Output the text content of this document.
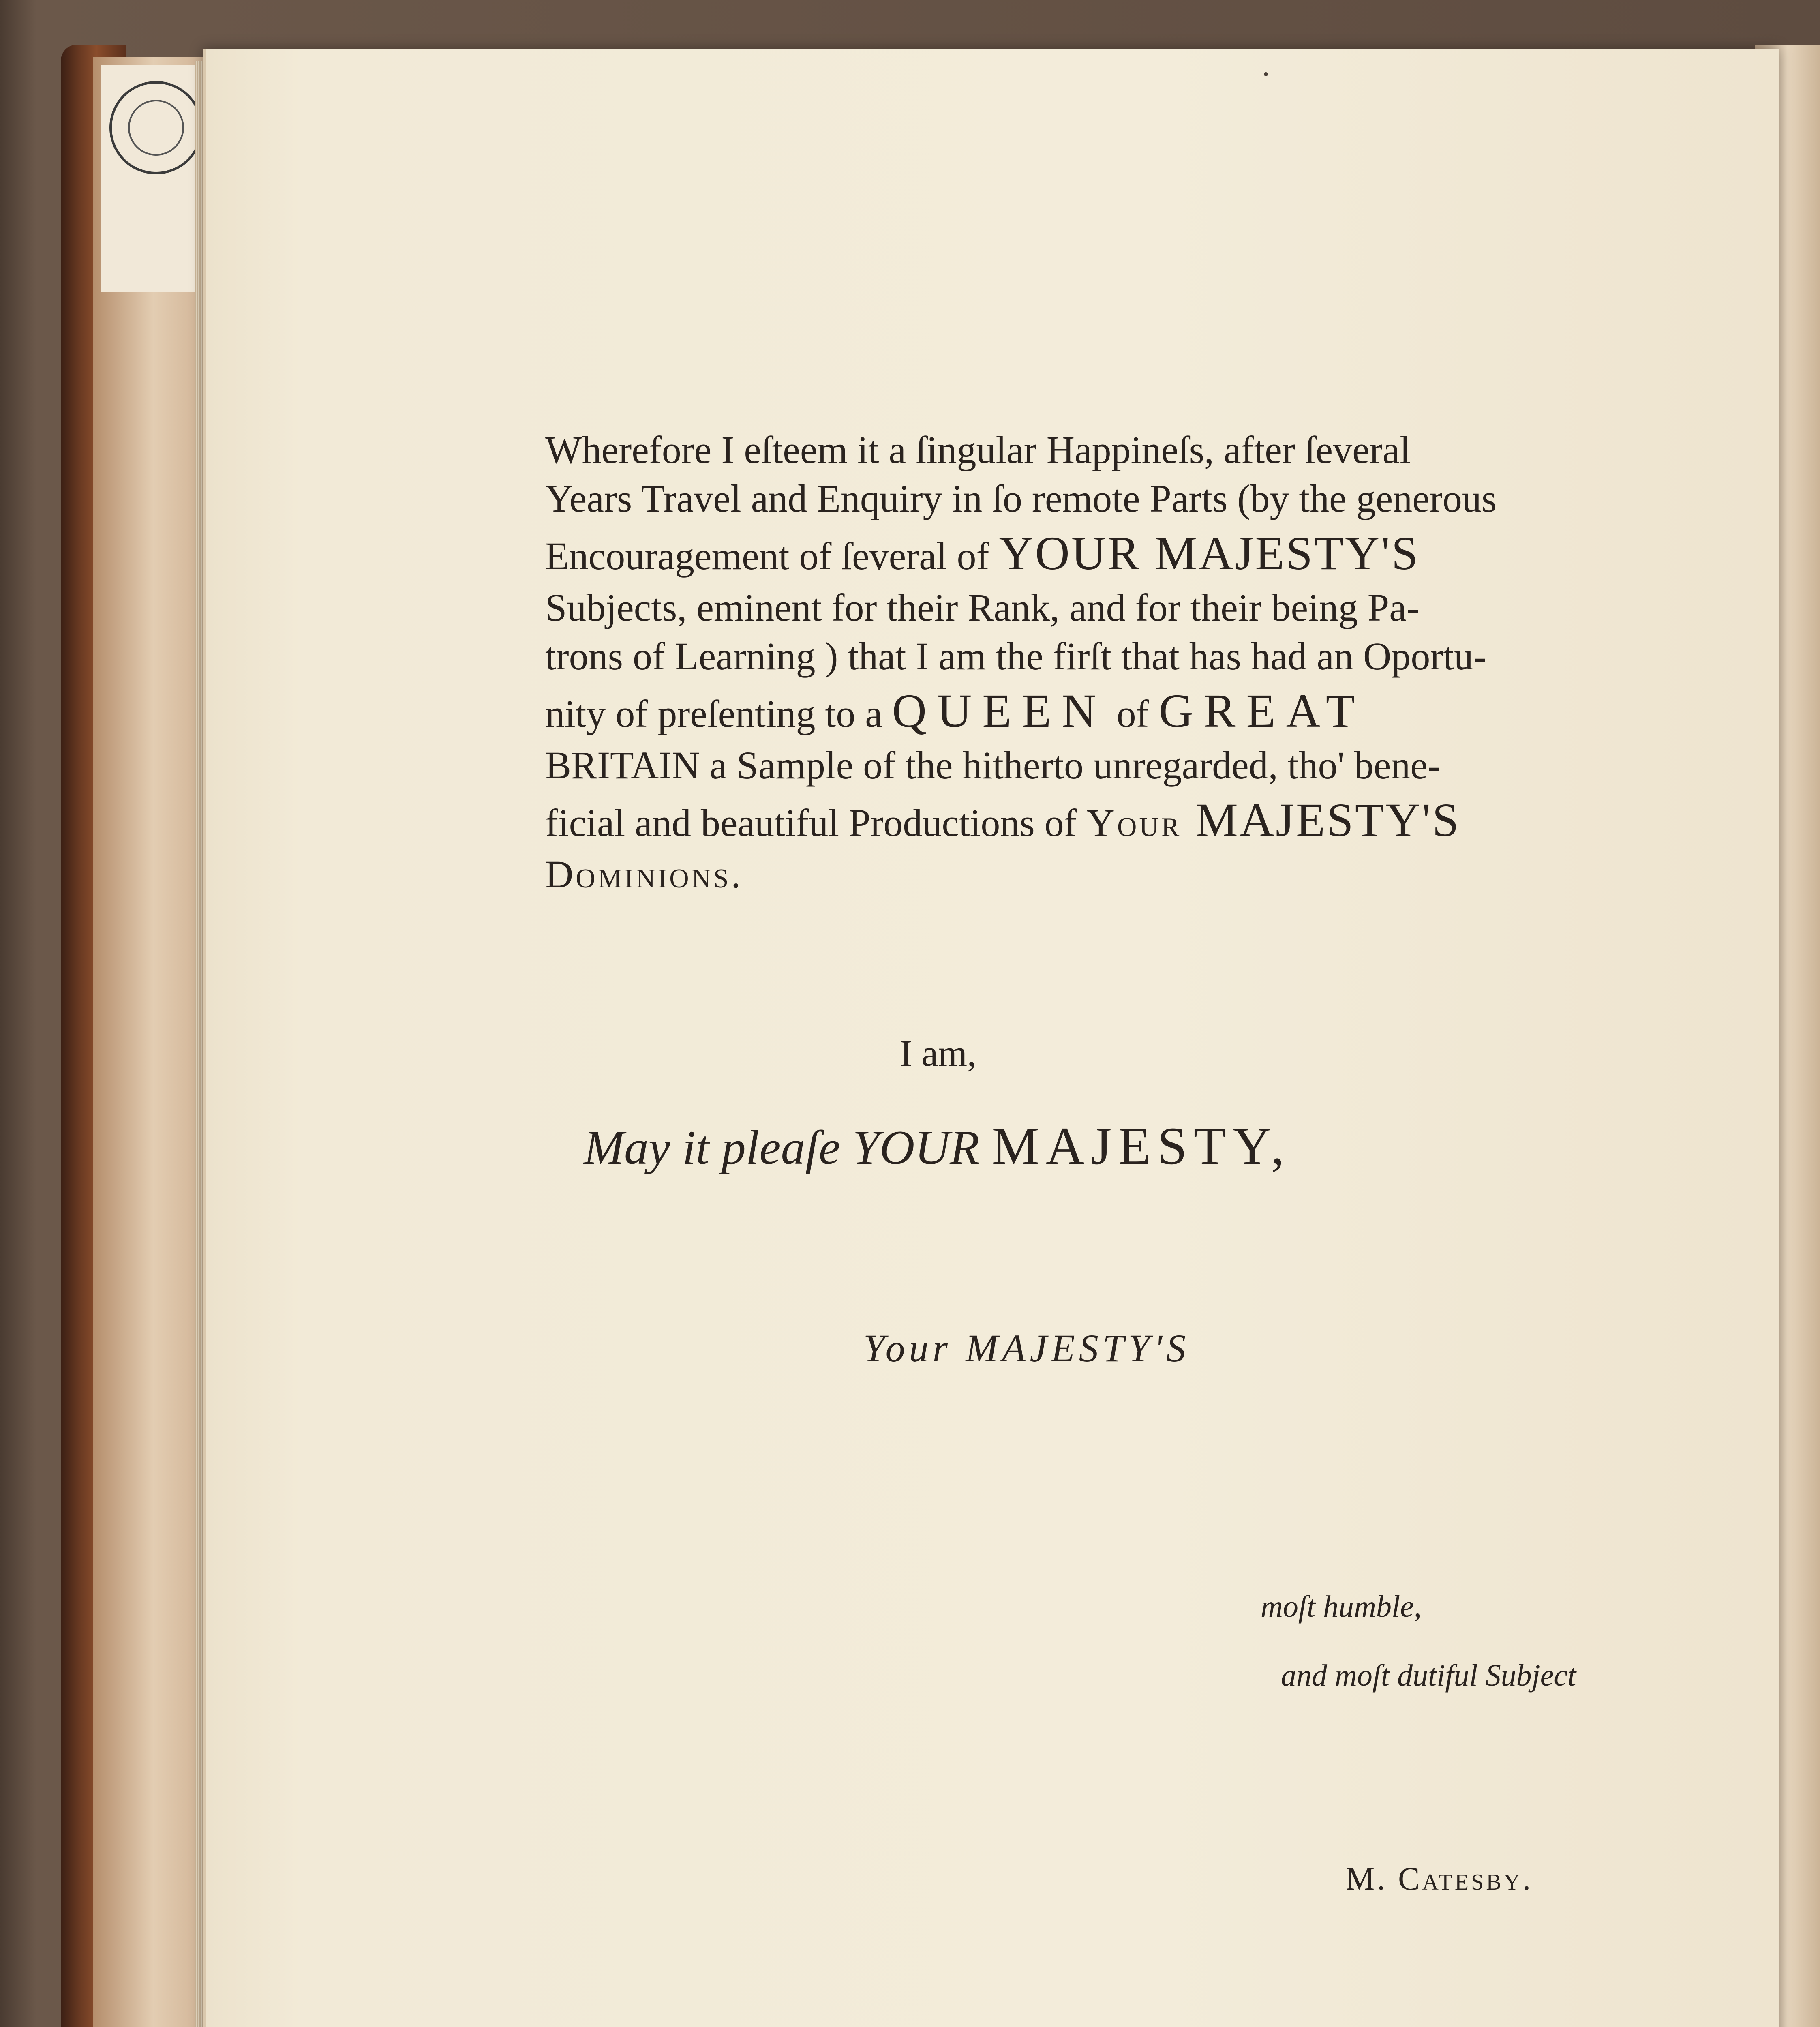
Wherefore I eſteem it a ſingular Happineſs, after ſeveral
Years Travel and Enquiry in ſo remote Parts (by the generous
Encouragement of ſeveral of YOUR MAJESTY'S
Subjects, eminent for their Rank, and for their being Pa-
trons of Learning ) that I am the firſt that has had an Oportu-
nity of preſenting to a QUEEN of GREAT
BRITAIN a Sample of the hitherto unregarded, tho' bene-
ficial and beautiful Productions of Your MAJESTY'S
Dominions.
I am,
May it pleaſe YOUR MAJESTY,
Your MAJESTY'S
moſt humble,
and moſt dutiful Subject
M. Catesby.
